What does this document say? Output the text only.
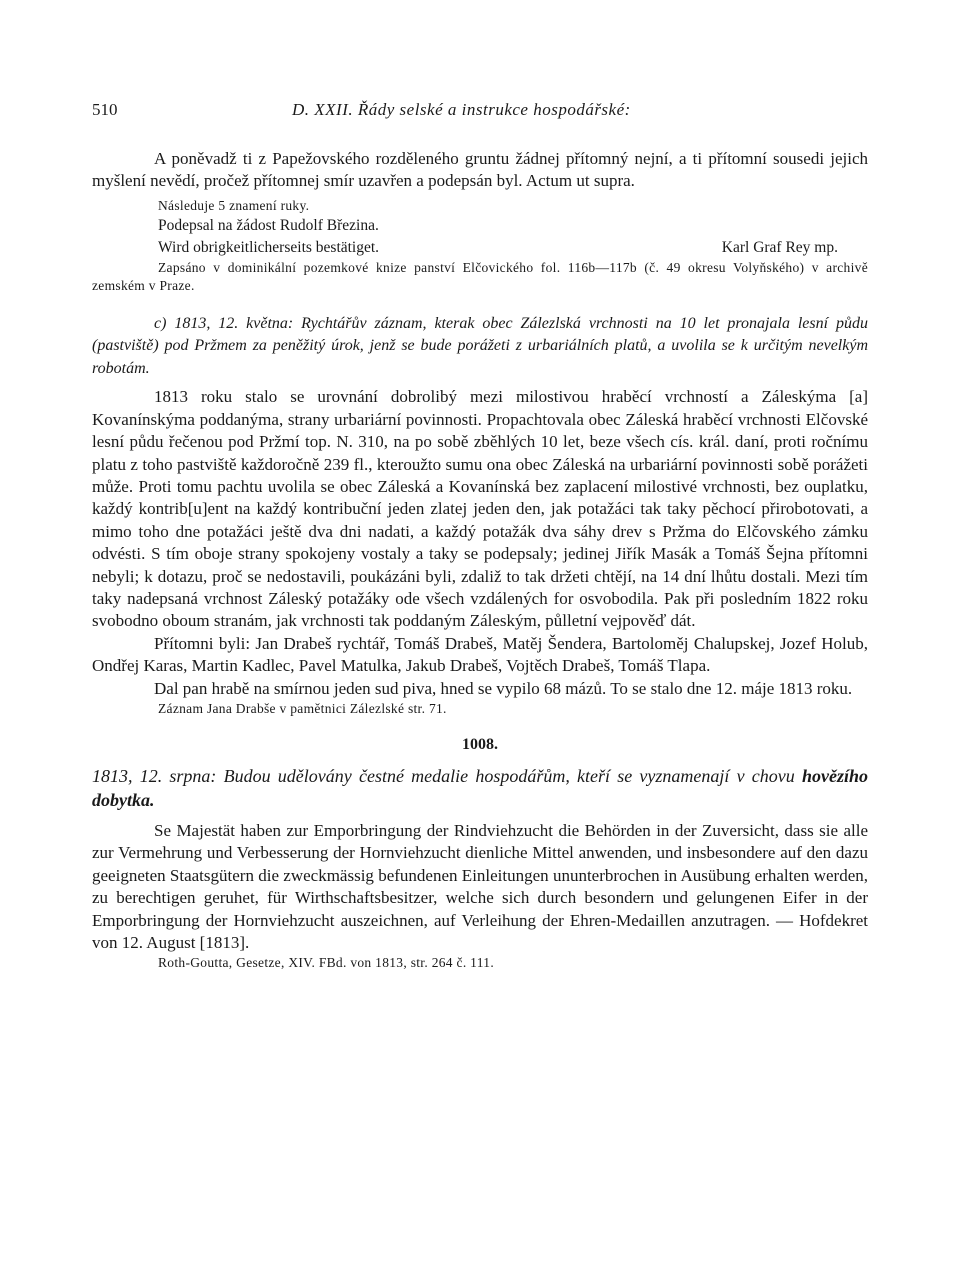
510	D. XXII. Řády selské a instrukce hospodářské:

A poněvadž ti z Papežovského rozděleného gruntu žádnej přítomný nejní, a ti přítomní sousedi jejich myšlení nevědí, pročež přítomnej smír uzavřen a podepsán byl. Actum ut supra.

Následuje 5 znamení ruky.

Podepsal na žádost Rudolf Březina.

Wird obrigkeitlicherseits bestätiget.	Karl Graf Rey mp.

Zapsáno v dominikální pozemkové knize panství Elčovického fol. 116b—117b (č. 49 okresu Volyňského) v archivě zemském v Praze.

c) 1813, 12. května: Rychtářův záznam, kterak obec Zálezlská vrchnosti na 10 let pronajala lesní půdu (pastviště) pod Pržmem za peněžitý úrok, jenž se bude porážeti z urbariálních platů, a uvolila se k určitým nevelkým robotám.

1813 roku stalo se urovnání dobrolibý mezi milostivou hraběcí vrchností a Záleskýma [a] Kovanínskýma poddanýma, strany urbariární povinnosti. Propachtovala obec Záleská hraběcí vrchnosti Elčovské lesní půdu řečenou pod Pržmí top. N. 310, na po sobě zběhlých 10 let, beze všech cís. král. daní, proti ročnímu platu z toho pastviště každoročně 239 fl., kteroužto sumu ona obec Záleská na urbariární povinnosti sobě porážeti může. Proti tomu pachtu uvolila se obec Záleská a Kovanínská bez zaplacení milostivé vrchnosti, bez ouplatku, každý kontrib[u]ent na každý kontribuční jeden zlatej jeden den, jak potažáci tak taky pěchocí přirobotovati, a mimo toho dne potažáci ještě dva dni nadati, a každý potažák dva sáhy drev s Pržma do Elčovského zámku odvésti. S tím oboje strany spokojeny vostaly a taky se podepsaly; jedinej Jiřík Masák a Tomáš Šejna přítomni nebyli; k dotazu, proč se nedostavili, poukázáni byli, zdaliž to tak držeti chtějí, na 14 dní lhůtu dostali. Mezi tím taky nadepsaná vrchnost Záleský potažáky ode všech vzdálených for osvobodila. Pak při posledním 1822 roku svobodno oboum stranám, jak vrchnosti tak poddaným Záleským, půlletní vejpověď dát.

Přítomni byli: Jan Drabeš rychtář, Tomáš Drabeš, Matěj Šendera, Bartoloměj Chalupskej, Jozef Holub, Ondřej Karas, Martin Kadlec, Pavel Matulka, Jakub Drabeš, Vojtěch Drabeš, Tomáš Tlapa.

Dal pan hrabě na smírnou jeden sud piva, hned se vypilo 68 mázů. To se stalo dne 12. máje 1813 roku.

Záznam Jana Drabše v pamětnici Zálezlské str. 71.

1008.

1813, 12. srpna: Budou udělovány čestné medalie hospodářům, kteří se vyznamenají v chovu hovězího dobytka.

Se Majestät haben zur Emporbringung der Rindviehzucht die Behörden in der Zuversicht, dass sie alle zur Vermehrung und Verbesserung der Hornviehzucht dienliche Mittel anwenden, und insbesondere auf den dazu geeigneten Staatsgütern die zweckmässig befundenen Einleitungen ununterbrochen in Ausübung erhalten werden, zu berechtigen geruhet, für Wirthschaftsbesitzer, welche sich durch besondern und gelungenen Eifer in der Emporbringung der Hornviehzucht auszeichnen, auf Verleihung der Ehren-Medaillen anzutragen. — Hofdekret von 12. August [1813].

Roth-Goutta, Gesetze, XIV. FBd. von 1813, str. 264 č. 111.
